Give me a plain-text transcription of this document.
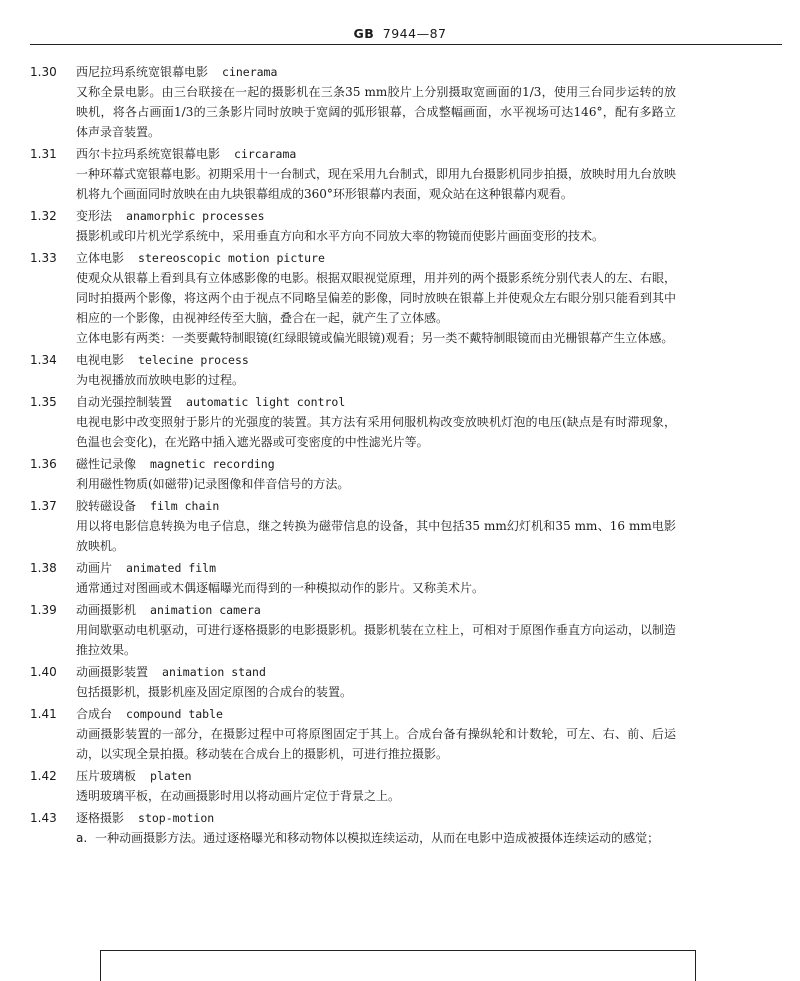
GB 7944—87
1.30	西尼拉玛系统宽银幕电影 cinerama

又称全景电影。由三台联接在一起的摄影机在三条35 mm胶片上分别摄取宽画面的1/3，使用三台同步运转的放映机，将各占画面1/3的三条影片同时放映于宽阔的弧形银幕，合成整幅画面，水平视场可达146°，配有多路立体声录音装置。

1.31	西尔卡拉玛系统宽银幕电影 circarama

一种环幕式宽银幕电影。初期采用十一台制式，现在采用九台制式，即用九台摄影机同步拍摄，放映时用九台放映机将九个画面同时放映在由九块银幕组成的360°环形银幕内表面，观众站在这种银幕内观看。

1.32	变形法 anamorphic processes

摄影机或印片机光学系统中，采用垂直方向和水平方向不同放大率的物镜而使影片画面变形的技术。

1.33	立体电影 stereoscopic motion picture

使观众从银幕上看到具有立体感影像的电影。根据双眼视觉原理，用并列的两个摄影系统分别代表人的左、右眼，同时拍摄两个影像，将这两个由于视点不同略呈偏差的影像，同时放映在银幕上并使观众左右眼分别只能看到其中相应的一个影像，由视神经传至大脑，叠合在一起，就产生了立体感。

立体电影有两类：一类要戴特制眼镜(红绿眼镜或偏光眼镜)观看；另一类不戴特制眼镜而由光栅银幕产生立体感。

1.34	电视电影 telecine process

为电视播放而放映电影的过程。

1.35	自动光强控制装置 automatic light control

电视电影中改变照射于影片的光强度的装置。其方法有采用伺服机构改变放映机灯泡的电压(缺点是有时滞现象，色温也会变化)，在光路中插入遮光器或可变密度的中性滤光片等。

1.36	磁性记录像 magnetic recording

利用磁性物质(如磁带)记录图像和伴音信号的方法。

1.37	胶转磁设备 film chain

用以将电影信息转换为电子信息，继之转换为磁带信息的设备，其中包括35 mm幻灯机和35 mm、16 mm电影放映机。

1.38	动画片 animated film

通常通过对图画或木偶逐幅曝光而得到的一种模拟动作的影片。又称美术片。

1.39	动画摄影机 animation camera

用间歇驱动电机驱动，可进行逐格摄影的电影摄影机。摄影机装在立柱上，可相对于原图作垂直方向运动，以制造推拉效果。

1.40	动画摄影装置 animation stand

包括摄影机，摄影机座及固定原图的合成台的装置。

1.41	合成台 compound table

动画摄影装置的一部分，在摄影过程中可将原图固定于其上。合成台备有操纵轮和计数轮，可左、右、前、后运动，以实现全景拍摄。移动装在合成台上的摄影机，可进行推拉摄影。

1.42	压片玻璃板 platen

透明玻璃平板，在动画摄影时用以将动画片定位于背景之上。

1.43	逐格摄影 stop-motion

a. 一种动画摄影方法。通过逐格曝光和移动物体以模拟连续运动，从而在电影中造成被摄体连续运动的感觉；
